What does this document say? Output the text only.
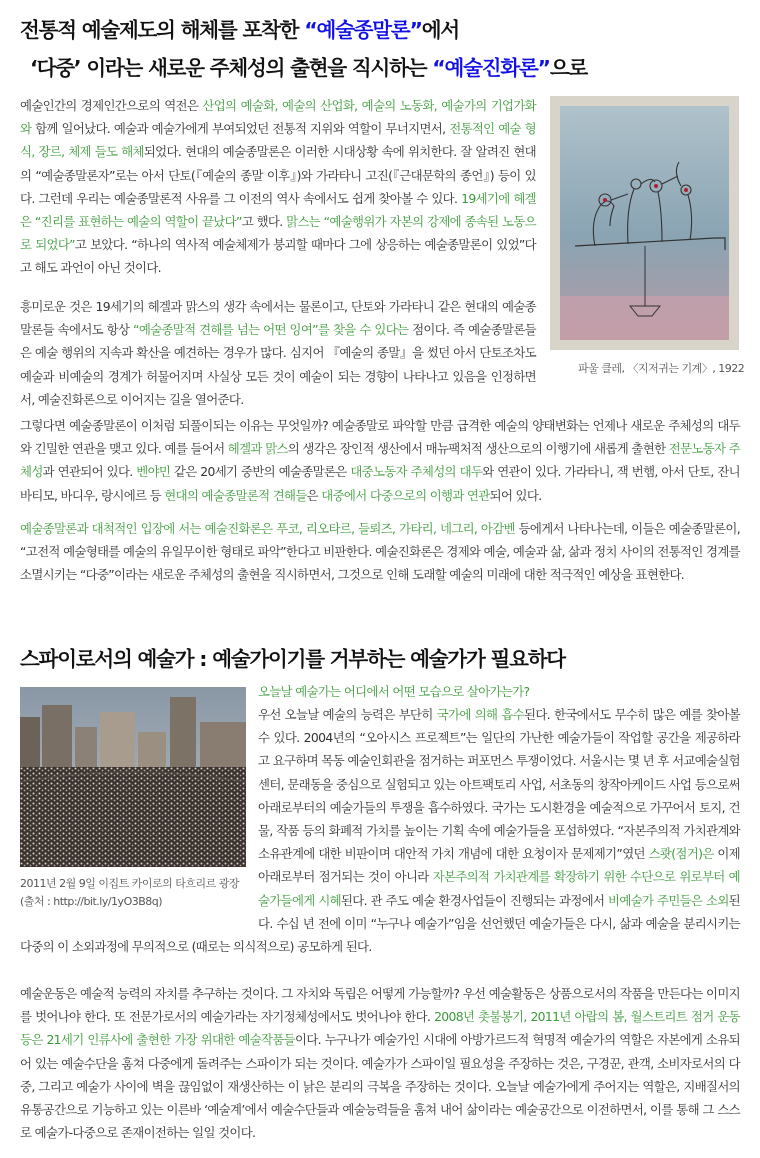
전통적 예술제도의 해체를 포착한 “예술종말론”에서
‘다중’ 이라는 새로운 주체성의 출현을 직시하는 “예술진화론”으로

예술인간의 경제인간으로의 역전은 산업의 예술화, 예술의 산업화, 예술의 노동화, 예술가의 기업가화와 함께 일어났다. 예술과 예술가에게 부여되었던 전통적 지위와 역할이 무너지면서, 전통적인 예술 형식, 장르, 체제 들도 해체되었다. 현대의 예술종말론은 이러한 시대상황 속에 위치한다. 잘 알려진 현대의 “예술종말론자”로는 아서 단토(『예술의 종말 이후』)와 가라타니 고진(『근대문학의 종언』) 등이 있다. 그런데 우리는 예술종말론적 사유를 그 이전의 역사 속에서도 쉽게 찾아볼 수 있다. 19세기에 헤겔은 “진리를 표현하는 예술의 역할이 끝났다”고 했다. 맑스는 “예술행위가 자본의 강제에 종속된 노동으로 되었다”고 보았다. “하나의 역사적 예술체제가 붕괴할 때마다 그에 상응하는 예술종말론이 있었”다고 해도 과언이 아닌 것이다.

흥미로운 것은 19세기의 헤겔과 맑스의 생각 속에서는 물론이고, 단토와 가라타니 같은 현대의 예술종말론들 속에서도 항상 “예술종말적 견해를 넘는 어떤 잉여”를 찾을 수 있다는 점이다. 즉 예술종말론들은 예술 행위의 지속과 확산을 예견하는 경우가 많다. 심지어 『예술의 종말』을 썼던 아서 단토조차도 예술과 비예술의 경계가 허물어지며 사실상 모든 것이 예술이 되는 경향이 나타나고 있음을 인정하면서, 예술진화론으로 이어지는 길을 열어준다.

그렇다면 예술종말론이 이처럼 되풀이되는 이유는 무엇일까? 예술종말로 파악할 만큼 급격한 예술의 양태변화는 언제나 새로운 주체성의 대두와 긴밀한 연관을 맺고 있다. 예를 들어서 헤겔과 맑스의 생각은 장인적 생산에서 매뉴팩처적 생산으로의 이행기에 새롭게 출현한 전문노동자 주체성과 연관되어 있다. 벤야민 같은 20세기 중반의 예술종말론은 대중노동자 주체성의 대두와 연관이 있다. 가라타니, 잭 번햄, 아서 단토, 잔니 바티모, 바디우, 랑시에르 등 현대의 예술종말론적 견해들은 대중에서 다중으로의 이행과 연관되어 있다.

예술종말론과 대척적인 입장에 서는 예술진화론은 푸코, 리오타르, 들뢰즈, 가타리, 네그리, 아감벤 등에게서 나타나는데, 이들은 예술종말론이, “고전적 예술형태를 예술의 유일무이한 형태로 파악”한다고 비판한다. 예술진화론은 경제와 예술, 예술과 삶, 삶과 정치 사이의 전통적인 경계를 소멸시키는 “다중”이라는 새로운 주체성의 출현을 직시하면서, 그것으로 인해 도래할 예술의 미래에 대한 적극적인 예상을 표현한다.

파울 클레, 〈지저귀는 기계〉, 1922
스파이로서의 예술가 : 예술가이기를 거부하는 예술가가 필요하다
2011년 2월 9일 이집트 카이로의 타흐리르 광장
(출처 : http://bit.ly/1yO3B8q)

오늘날 예술가는 어디에서 어떤 모습으로 살아가는가?

우선 오늘날 예술의 능력은 부단히 국가에 의해 흡수된다. 한국에서도 무수히 많은 예를 찾아볼 수 있다. 2004년의 “오아시스 프로젝트”는 일단의 가난한 예술가들이 작업할 공간을 제공하라고 요구하며 목동 예술인회관을 점거하는 퍼포먼스 투쟁이었다. 서울시는 몇 년 후 서교예술실험센터, 문래동을 중심으로 실험되고 있는 아트팩토리 사업, 서초동의 창작아케이드 사업 등으로써 아래로부터의 예술가들의 투쟁을 흡수하였다. 국가는 도시환경을 예술적으로 가꾸어서 토지, 건물, 작품 등의 화폐적 가치를 높이는 기획 속에 예술가들을 포섭하였다. “자본주의적 가치관계와 소유관계에 대한 비판이며 대안적 가치 개념에 대한 요청이자 문제제기”였던 스쾃(점거)은 이제 아래로부터 점거되는 것이 아니라 자본주의적 가치관계를 확장하기 위한 수단으로 위로부터 예술가들에게 시혜된다. 관 주도 예술 환경사업들이 진행되는 과정에서 비예술가 주민들은 소외된다. 수십 년 전에 이미 “누구나 예술가”임을 선언했던 예술가들은 다시, 삶과 예술을 분리시키는 다중의 이 소외과정에 무의적으로 (때로는 의식적으로) 공모하게 된다.

예술운동은 예술적 능력의 자치를 추구하는 것이다. 그 자치와 독립은 어떻게 가능할까? 우선 예술활동은 상품으로서의 작품을 만든다는 이미지를 벗어나야 한다. 또 전문가로서의 예술가라는 자기정체성에서도 벗어나야 한다. 2008년 촛불봉기, 2011년 아랍의 봄, 월스트리트 점거 운동 등은 21세기 인류사에 출현한 가장 위대한 예술작품들이다. 누구나가 예술가인 시대에 아방가르드적 혁명적 예술가의 역할은 자본에게 소유되어 있는 예술수단을 훔쳐 다중에게 돌려주는 스파이가 되는 것이다. 예술가가 스파이일 필요성을 주장하는 것은, 구경꾼, 관객, 소비자로서의 다중, 그리고 예술가 사이에 벽을 끊임없이 재생산하는 이 낡은 분리의 극복을 주장하는 것이다. 오늘날 예술가에게 주어지는 역할은, 지배질서의 유통공간으로 기능하고 있는 이른바 ‘예술계’에서 예술수단들과 예술능력들을 훔쳐 내어 삶이라는 예술공간으로 이전하면서, 이를 통해 그 스스로 예술가-다중으로 존재이전하는 일일 것이다.
